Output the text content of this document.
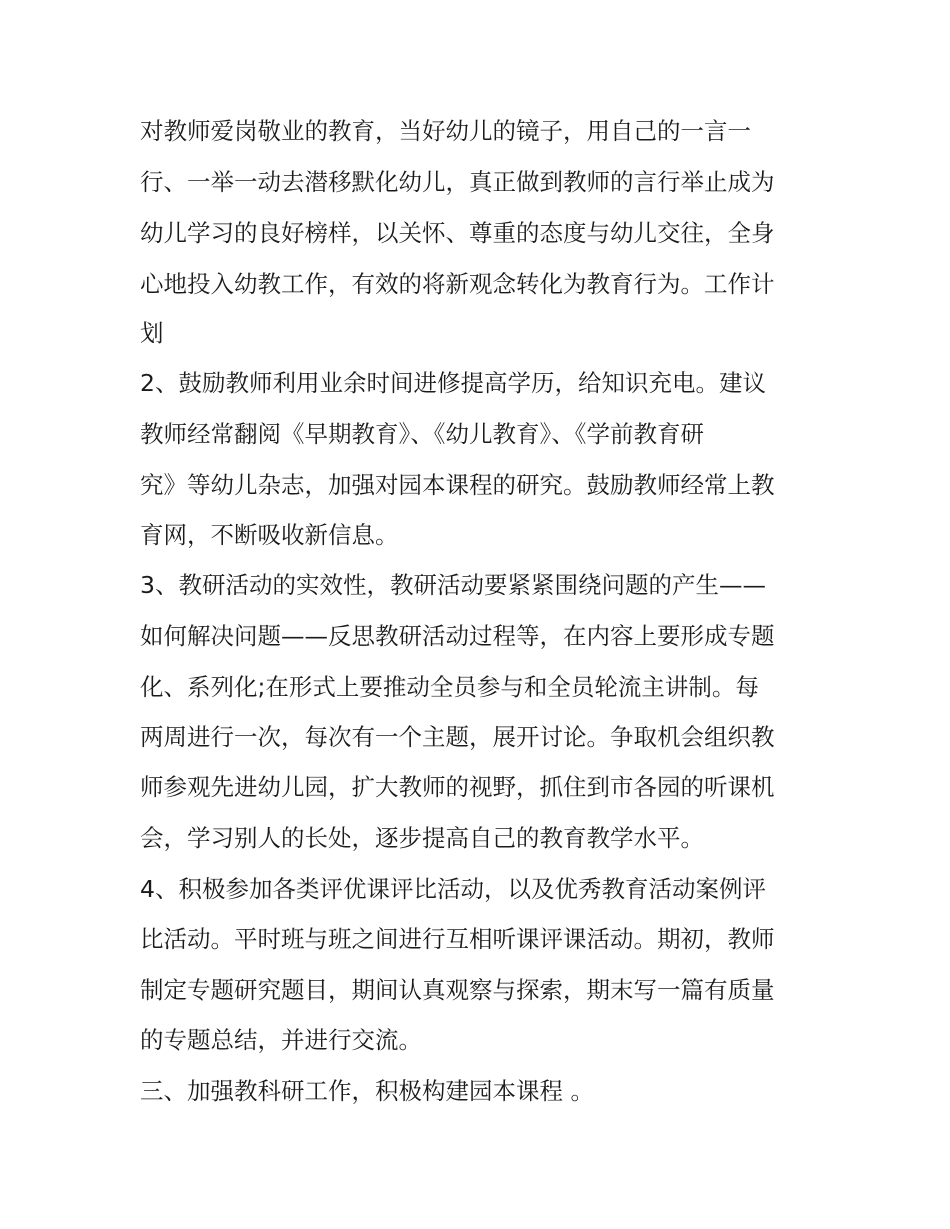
对教师爱岗敬业的教育，当好幼儿的镜子，用自己的一言一
行、一举一动去潜移默化幼儿，真正做到教师的言行举止成为
幼儿学习的良好榜样，以关怀、尊重的态度与幼儿交往，全身
心地投入幼教工作，有效的将新观念转化为教育行为。工作计
划
2、鼓励教师利用业余时间进修提高学历，给知识充电。建议
教师经常翻阅《早期教育》、《幼儿教育》、《学前教育研
究》等幼儿杂志，加强对园本课程的研究。鼓励教师经常上教
育网，不断吸收新信息。
3、教研活动的实效性，教研活动要紧紧围绕问题的产生——
如何解决问题——反思教研活动过程等，在内容上要形成专题
化、系列化;在形式上要推动全员参与和全员轮流主讲制。每
两周进行一次，每次有一个主题，展开讨论。争取机会组织教
师参观先进幼儿园，扩大教师的视野，抓住到市各园的听课机
会，学习别人的长处，逐步提高自己的教育教学水平。
4、积极参加各类评优课评比活动，以及优秀教育活动案例评
比活动。平时班与班之间进行互相听课评课活动。期初，教师
制定专题研究题目，期间认真观察与探索，期末写一篇有质量
的专题总结，并进行交流。
三、加强教科研工作，积极构建园本课程 。
